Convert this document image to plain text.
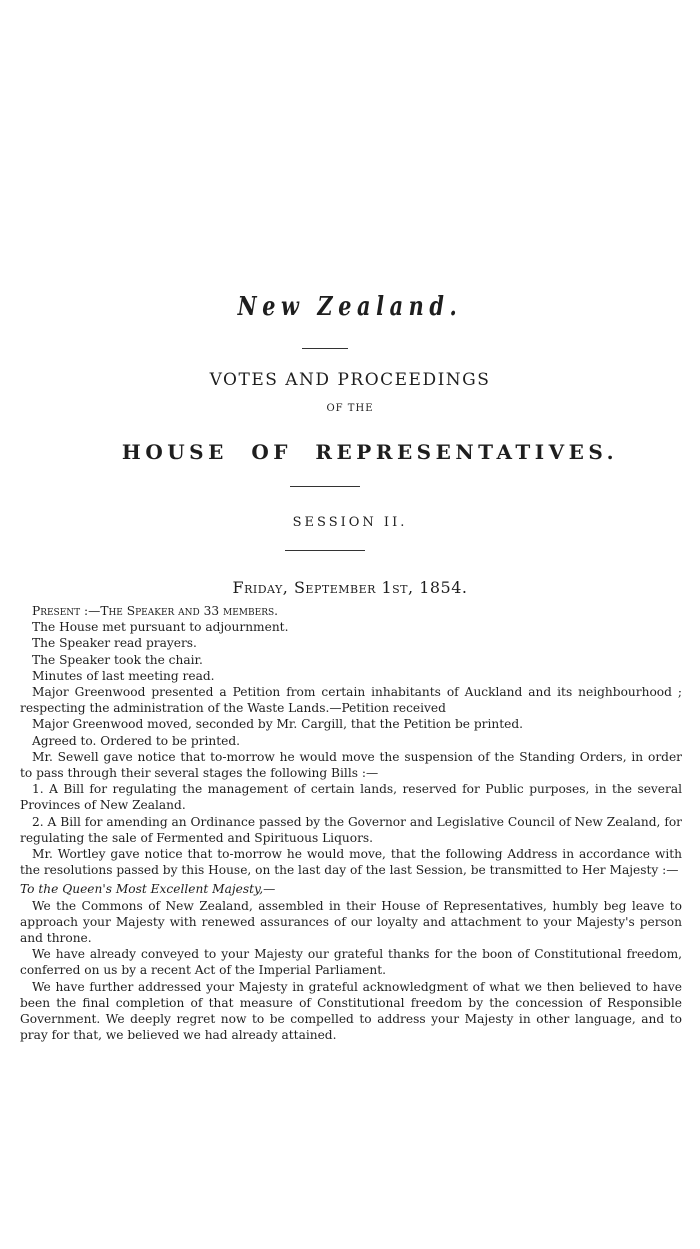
New Zealand.
VOTES AND PROCEEDINGS
OF THE
HOUSE OF REPRESENTATIVES.
SESSION II.
Friday, September 1st, 1854.

Present :—The Speaker and 33 members.

The House met pursuant to adjournment.

The Speaker read prayers.

The Speaker took the chair.

Minutes of last meeting read.

Major Greenwood presented a Petition from certain inhabitants of Auckland and its neighbourhood ; respecting the administration of the Waste Lands.—Petition received

Major Greenwood moved, seconded by Mr. Cargill, that the Petition be printed.

Agreed to. Ordered to be printed.

Mr. Sewell gave notice that to-morrow he would move the suspension of the Standing Orders, in order to pass through their several stages the following Bills :—

1. A Bill for regulating the management of certain lands, reserved for Public purposes, in the several Provinces of New Zealand.

2. A Bill for amending an Ordinance passed by the Governor and Legislative Council of New Zealand, for regulating the sale of Fermented and Spirituous Liquors.

Mr. Wortley gave notice that to-morrow he would move, that the following Address in accordance with the resolutions passed by this House, on the last day of the last Session, be transmitted to Her Majesty :—

To the Queen's Most Excellent Majesty,—

We the Commons of New Zealand, assembled in their House of Representatives, humbly beg leave to approach your Majesty with renewed assurances of our loyalty and attachment to your Majesty's person and throne.

We have already conveyed to your Majesty our grateful thanks for the boon of Constitutional freedom, conferred on us by a recent Act of the Imperial Parliament.

We have further addressed your Majesty in grateful acknowledgment of what we then believed to have been the final completion of that measure of Constitutional freedom by the concession of Responsible Government. We deeply regret now to be compelled to address your Majesty in other language, and to pray for that, we believed we had already attained.
